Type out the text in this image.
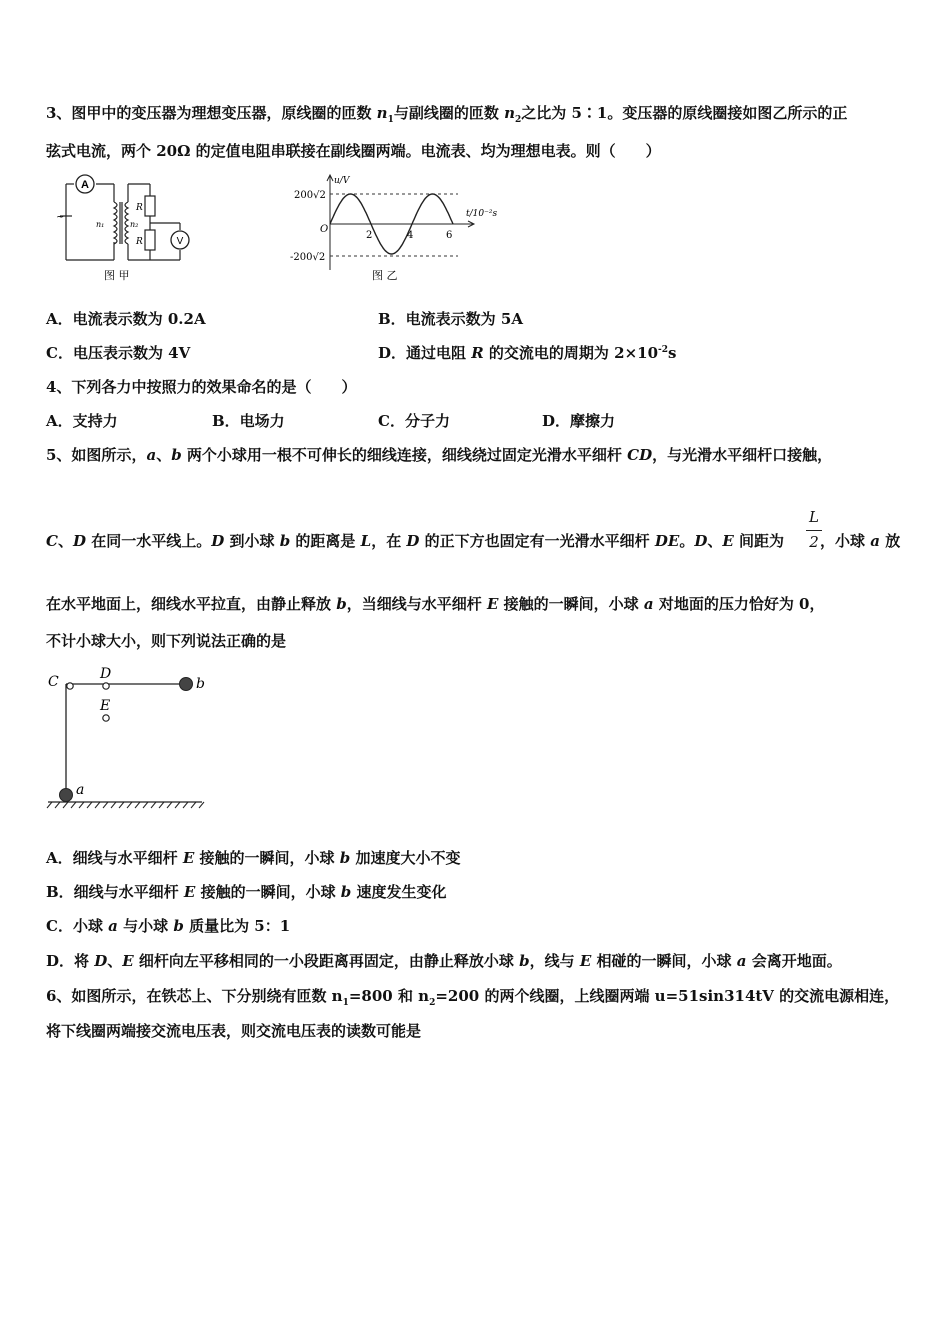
3、图甲中的变压器为理想变压器，原线圈的匝数 $n_1$与副线圈的匝数 $n_2$之比为 5∶1。变压器的原线圈接如图乙所示的正
弦式电流，两个 20Ω 的定值电阻串联接在副线圈两端。电流表、均为理想电表。则（　　）
A
V
R
R
n₁	n₂
~
图 甲
u/V
t/10⁻²s
200√2
-200√2
O
2	4	6
图 乙
A．电流表示数为 0.2A	B．电流表示数为 5A
C．电压表示数为 4V	D．通过电阻 R 的交流电的周期为 $2\times 10^{-2}s$
4、下列各力中按照力的效果命名的是（　　）
A．支持力	B．电场力	C．分子力	D．摩擦力
5、如图所示，a、b 两个小球用一根不可伸长的细线连接，细线绕过固定光滑水平细杆 CD，与光滑水平细杆口接触，
L
2
C、D 在同一水平线上。D 到小球 b 的距离是 L，在 D 的正下方也固定有一光滑水平细杆 DE。D、E 间距为 ，小球 a 放
在水平地面上，细线水平拉直，由静止释放 b，当细线与水平细杆 E 接触的一瞬间，小球 a 对地面的压力恰好为 0，
不计小球大小，则下列说法正确的是
C	D
E
b
a
A．细线与水平细杆 E 接触的一瞬间，小球 b 加速度大小不变
B．细线与水平细杆 E 接触的一瞬间，小球 b 速度发生变化
C．小球 a 与小球 b 质量比为 5：1
D．将 D、E 细杆向左平移相同的一小段距离再固定，由静止释放小球 b，线与 E 相碰的一瞬间，小球 a 会离开地面。
6、如图所示，在铁芯上、下分别绕有匝数 $n_1=800$ 和 $n_2=200$ 的两个线圈，上线圈两端 u=51sin314tV 的交流电源相连，
将下线圈两端接交流电压表，则交流电压表的读数可能是
